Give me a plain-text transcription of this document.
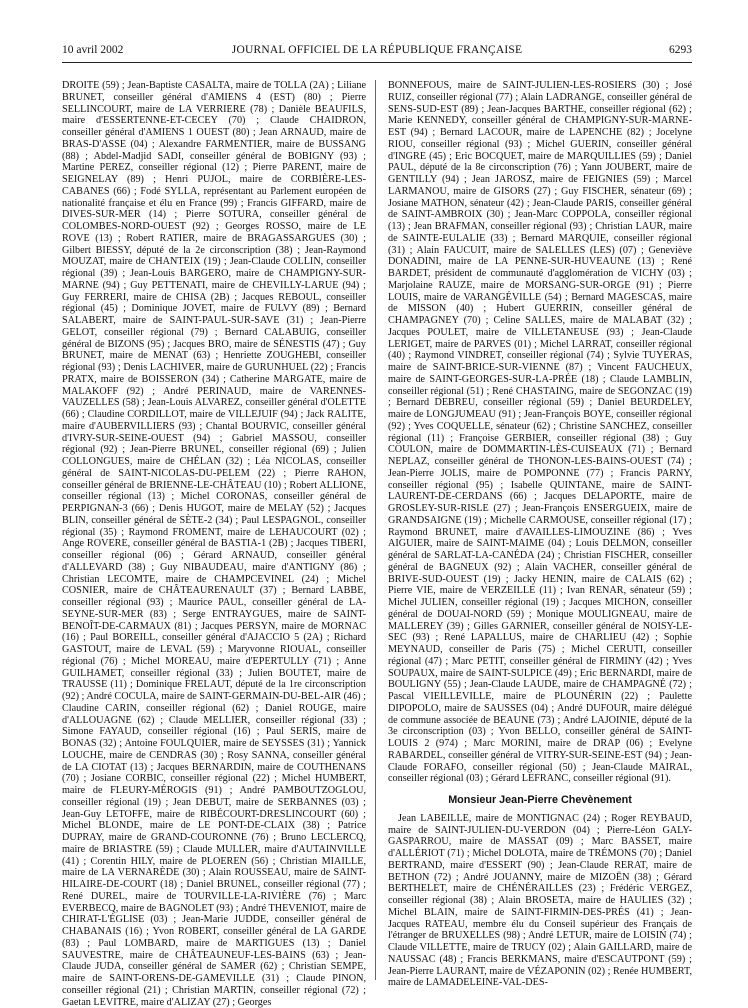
10 avril 2002	JOURNAL OFFICIEL DE LA RÉPUBLIQUE FRANÇAISE	6293

DROITE (59) ; Jean-Baptiste CASALTA, maire de TOLLA (2A) ; Liliane BRUNET, conseiller général d'AMIENS 4 (EST) (80) ; Pierre SELLINCOURT, maire de LA VERRIERE (78) ; Danièle BEAUFILS, maire d'ESSERTENNE-ET-CECEY (70) ; Claude CHAIDRON, conseiller général d'AMIENS 1 OUEST (80) ; Jean ARNAUD, maire de BRAS-D'ASSE (04) ; Alexandre FARMENTIER, maire de BUSSANG (88) ; Abdel-Madjid SADI, conseiller général de BOBIGNY (93) ; Martine PEREZ, conseiller régional (12) ; Pierre PARENT, maire de SEIGNELAY (89) ; Henri PUJOL, maire de CORBIÈRE-LES-CABANES (66) ; Fodé SYLLA, représentant au Parlement européen de nationalité française et élu en France (99) ; Francis GIFFARD, maire de DIVES-SUR-MER (14) ; Pierre SOTURA, conseiller général de COLOMBES-NORD-OUEST (92) ; Georges ROSSO, maire de LE ROVE (13) ; Robert RATIER, maire de BRAGASSARGUES (30) ; Gilbert BIESSY, député de la 2e circonscription (38) ; Jean-Raymond MOUZAT, maire de CHANTEIX (19) ; Jean-Claude COLLIN, conseiller régional (39) ; Jean-Louis BARGERO, maire de CHAMPIGNY-SUR-MARNE (94) ; Guy PETTENATI, maire de CHEVILLY-LARUE (94) ; Guy FERRERI, maire de CHISA (2B) ; Jacques REBOUL, conseiller régional (45) ; Dominique JOVET, maire de FULVY (89) ; Bernard SALABERT, maire de SAINT-PAUL-SUR-SAVE (31) ; Jean-Pierre GELOT, conseiller régional (79) ; Bernard CALABUIG, conseiller général de BIZONS (95) ; Jacques BRO, maire de SÉNESTIS (47) ; Guy BRUNET, maire de MENAT (63) ; Henriette ZOUGHEBI, conseiller régional (93) ; Denis LACHIVER, maire de GURUNHUEL (22) ; Francis PRATX, maire de BOISSERON (34) ; Catherine MARGATE, maire de MALAKOFF (92) ; André PERINAUD, maire de VARENNES-VAUZELLES (58) ; Jean-Louis ALVAREZ, conseiller général d'OLETTE (66) ; Claudine CORDILLOT, maire de VILLEJUIF (94) ; Jack RALITE, maire d'AUBERVILLIERS (93) ; Chantal BOURVIC, conseiller général d'IVRY-SUR-SEINE-OUEST (94) ; Gabriel MASSOU, conseiller régional (92) ; Jean-Pierre BRUNEL, conseiller régional (69) ; Julien COLLONGUES, maire de CHÉLAN (32) ; Léa NICOLAS, conseiller général de SAINT-NICOLAS-DU-PELEM (22) ; Pierre RAHON, conseiller général de BRIENNE-LE-CHÂTEAU (10) ; Robert ALLIONE, conseiller régional (13) ; Michel CORONAS, conseiller général de PERPIGNAN-3 (66) ; Denis HUGOT, maire de MELAY (52) ; Jacques BLIN, conseiller général de SÈTE-2 (34) ; Paul LESPAGNOL, conseiller régional (35) ; Raymond FROMENT, maire de LEHAUCOURT (02) ; Ange ROVERE, conseiller général de BASTIA-1 (2B) ; Jacques TIBERI, conseiller régional (06) ; Gérard ARNAUD, conseiller général d'ALLEVARD (38) ; Guy NIBAUDEAU, maire d'ANTIGNY (86) ; Christian LECOMTE, maire de CHAMPCEVINEL (24) ; Michel COSNIER, maire de CHÂTEAURENAULT (37) ; Bernard LABBE, conseiller régional (93) ; Maurice PAUL, conseiller général de LA-SEYNE-SUR-MER (83) ; Serge ENTRAYGUES, maire de SAINT-BENOÎT-DE-CARMAUX (81) ; Jacques PERSYN, maire de MORNAC (16) ; Paul BOREILL, conseiller général d'AJACCIO 5 (2A) ; Richard GASTOUT, maire de LEVAL (59) ; Maryvonne RIOUAL, conseiller régional (76) ; Michel MOREAU, maire d'EPERTULLY (71) ; Anne GUILHAMET, conseiller régional (33) ; Julien BOUTET, maire de TRAUSSE (11) ; Dominique FRELAUT, député de la 1re circonscription (92) ; André COCULA, maire de SAINT-GERMAIN-DU-BEL-AIR (46) ; Claudine CARIN, conseiller régional (62) ; Daniel ROUGE, maire d'ALLOUAGNE (62) ; Claude MELLIER, conseiller régional (33) ; Simone FAYAUD, conseiller régional (16) ; Paul SERIS, maire de BONAS (32) ; Antoine FOULQUIER, maire de SEYSSES (31) ; Yannick LOUCHE, maire de CENDRAS (30) ; Rosy SANNA, conseiller général de LA CIOTAT (13) ; Jacques BERNARDIN, maire de COUTHENANS (70) ; Josiane CORBIC, conseiller régional (22) ; Michel HUMBERT, maire de FLEURY-MÉROGIS (91) ; André PAMBOUTZOGLOU, conseiller régional (19) ; Jean DEBUT, maire de SERBANNES (03) ; Jean-Guy LETOFFE, maire de RIBÉCOURT-DRESLINCOURT (60) ; Michel BLONDE, maire de LE PONT-DE-CLAIX (38) ; Patrice DUPRAY, maire de GRAND-COURONNE (76) ; Bruno LECLERCQ, maire de BRIASTRE (59) ; Claude MULLER, maire d'AUTAINVILLE (41) ; Corentin HILY, maire de PLOEREN (56) ; Christian MIAILLE, maire de LA VERNARÈDE (30) ; Alain ROUSSEAU, maire de SAINT-HILAIRE-DE-COURT (18) ; Daniel BRUNEL, conseiller régional (77) ; René DUREL, maire de TOURVILLE-LA-RIVIÈRE (76) ; Marc EVERBECQ, maire de BAGNOLET (93) ; André THEVENIOT, maire de CHIRAT-L'ÉGLISE (03) ; Jean-Marie JUDDE, conseiller général de CHABANAIS (16) ; Yvon ROBERT, conseiller général de LA GARDE (83) ; Paul LOMBARD, maire de MARTIGUES (13) ; Daniel SAUVESTRE, maire de CHÂTEAUNEUF-LES-BAINS (63) ; Jean-Claude JUDA, conseiller général de SAMER (62) ; Christian SEMPE, maire de SAINT-ORENS-DE-GAMEVILLE (31) ; Claude PINON, conseiller régional (21) ; Christian MARTIN, conseiller régional (72) ; Gaetan LEVITRE, maire d'ALIZAY (27) ; Georges

BONNEFOUS, maire de SAINT-JULIEN-LES-ROSIERS (30) ; José RUIZ, conseiller régional (77) ; Alain LADRANGE, conseiller général de SENS-SUD-EST (89) ; Jean-Jacques BARTHE, conseiller régional (62) ; Marie KENNEDY, conseiller général de CHAMPIGNY-SUR-MARNE-EST (94) ; Bernard LACOUR, maire de LAPENCHE (82) ; Jocelyne RIOU, conseiller régional (93) ; Michel GUERIN, conseiller général d'INGRE (45) ; Eric BOCQUET, maire de MARQUILLIES (59) ; Daniel PAUL, député de la 8e circonscription (76) ; Yann JOUBERT, maire de GENTILLY (94) ; Jean JAROSZ, maire de FEIGNIES (59) ; Marcel LARMANOU, maire de GISORS (27) ; Guy FISCHER, sénateur (69) ; Josiane MATHON, sénateur (42) ; Jean-Claude PARIS, conseiller général de SAINT-AMBROIX (30) ; Jean-Marc COPPOLA, conseiller régional (13) ; Jean BRAFMAN, conseiller régional (93) ; Christian LAUR, maire de SAINTE-EULALIE (33) ; Bernard MARQUIE, conseiller régional (31) ; Alain FAUCUIT, maire de SALELLES (LES) (07) ; Geneviève DONADINI, maire de LA PENNE-SUR-HUVEAUNE (13) ; René BARDET, président de communauté d'agglomération de VICHY (03) ; Marjolaine RAUZE, maire de MORSANG-SUR-ORGE (91) ; Pierre LOUIS, maire de VARANGÉVILLE (54) ; Bernard MAGESCAS, maire de MISSON (40) ; Hubert GUERRIN, conseiller général de CHAMPAGNEY (70) ; Celine SALLES, maire de MALABAT (32) ; Jacques POULET, maire de VILLETANEUSE (93) ; Jean-Claude LERIGET, maire de PARVES (01) ; Michel LARRAT, conseiller régional (40) ; Raymond VINDRET, conseiller régional (74) ; Sylvie TUYERAS, maire de SAINT-BRICE-SUR-VIENNE (87) ; Vincent FAUCHEUX, maire de SAINT-GEORGES-SUR-LA-PRÉE (18) ; Claude LAMBLIN, conseiller régional (51) ; René CHASTAING, maire de SEGONZAC (19) ; Bernard DEBREU, conseiller régional (59) ; Daniel BEURDELEY, maire de LONGJUMEAU (91) ; Jean-François BOYE, conseiller régional (92) ; Yves COQUELLE, sénateur (62) ; Christine SANCHEZ, conseiller régional (11) ; Françoise GERBIER, conseiller régional (38) ; Guy COULON, maire de DOMMARTIN-LÈS-CUISEAUX (71) ; Bernard NEPLAZ, conseiller général de THONON-LES-BAINS-OUEST (74) ; Jean-Pierre JOLIS, maire de POMPONNE (77) ; Francis PARNY, conseiller régional (95) ; Isabelle QUINTANE, maire de SAINT-LAURENT-DE-CERDANS (66) ; Jacques DELAPORTE, maire de GROSLEY-SUR-RISLE (27) ; Jean-François ENSERGUEIX, maire de GRANDSAIGNE (19) ; Michelle CARMOUSE, conseiller régional (17) ; Raymond BRUNET, maire d'AVAILLES-LIMOUZINE (86) ; Yves AIGUIER, maire de SAINT-MAIME (04) ; Louis DELMON, conseiller général de SARLAT-LA-CANÉDA (24) ; Christian FISCHER, conseiller général de BAGNEUX (92) ; Alain VACHER, conseiller général de BRIVE-SUD-OUEST (19) ; Jacky HENIN, maire de CALAIS (62) ; Pierre VIE, maire de VERZEILLE (11) ; Ivan RENAR, sénateur (59) ; Michel JULIEN, conseiller régional (19) ; Jacques MICHON, conseiller général de DOUAI-NORD (59) ; Monique MOULIGNEAU, maire de MALLEREY (39) ; Gilles GARNIER, conseiller général de NOISY-LE-SEC (93) ; René LAPALLUS, maire de CHARLIEU (42) ; Sophie MEYNAUD, conseiller de Paris (75) ; Michel CERUTI, conseiller régional (47) ; Marc PETIT, conseiller général de FIRMINY (42) ; Yves SOUPAUX, maire de SAINT-SULPICE (49) ; Eric BERNARDI, maire de BOULIGNY (55) ; Jean-Claude LAUDE, maire de CHAMPAGNÉ (72) ; Pascal VIEILLEVILLE, maire de PLOUNÉRIN (22) ; Paulette DIPOPOLO, maire de SAUSSES (04) ; André DUFOUR, maire délégué de commune associée de BEAUNE (73) ; André LAJOINIE, député de la 3e circonscription (03) ; Yvon BELLO, conseiller général de SAINT-LOUIS 2 (974) ; Marc MORINI, maire de DRAP (06) ; Evelyne RABARDEL, conseiller général de VITRY-SUR-SEINE-EST (94) ; Jean-Claude FORAFO, conseiller régional (50) ; Jean-Claude MAIRAL, conseiller régional (03) ; Gérard LEFRANC, conseiller régional (91).

Monsieur Jean-Pierre Chevènement

Jean LABEILLE, maire de MONTIGNAC (24) ; Roger REYBAUD, maire de SAINT-JULIEN-DU-VERDON (04) ; Pierre-Léon GALY-GASPARROU, maire de MASSAT (09) ; Marc BASSET, maire d'ALLÉRIOT (71) ; Michel DOLOTA, maire de TRÉMONS (70) ; Daniel BERTRAND, maire d'ESSERT (90) ; Jean-Claude RERAT, maire de BETHON (72) ; André JOUANNY, maire de MIZOËN (38) ; Gérard BERTHELET, maire de CHÉNÉRAILLES (23) ; Frédéric VERGEZ, conseiller régional (38) ; Alain BROSETA, maire de HAULIES (32) ; Michel BLAIN, maire de SAINT-FIRMIN-DES-PRÉS (41) ; Jean-Jacques RATEAU, membre élu du Conseil supérieur des Français de l'étranger de BRUXELLES (98) ; André LETUR, maire de LOISIN (74) ; Claude VILLETTE, maire de TRUCY (02) ; Alain GAILLARD, maire de NAUSSAC (48) ; Francis BERKMANS, maire d'ESCAUTPONT (59) ; Jean-Pierre LAURANT, maire de VÉZAPONIN (02) ; Renée HUMBERT, maire de LAMADELEINE-VAL-DES-
